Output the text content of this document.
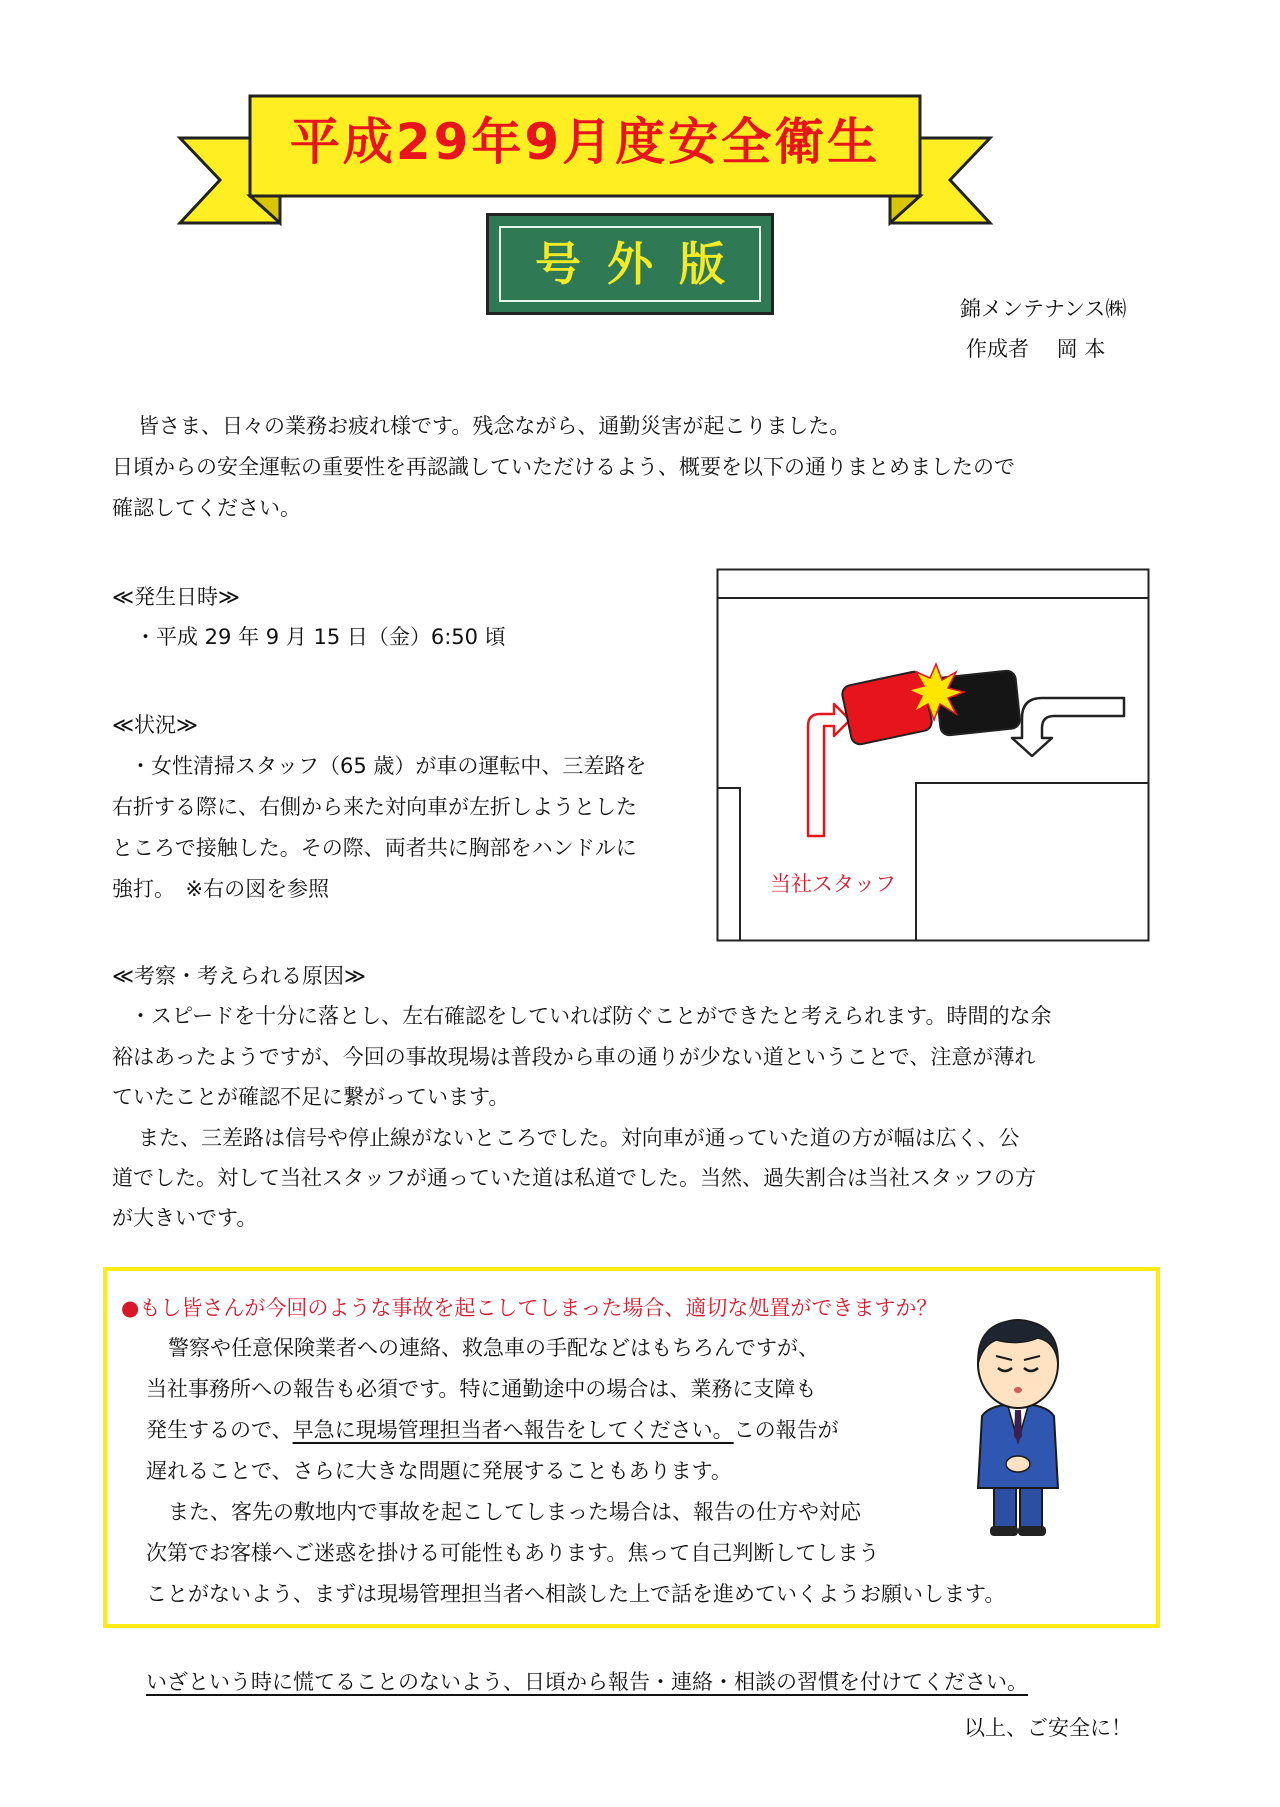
平成29年9月度安全衛生
号外版
錦メンテナンス㈱
作成者　 岡 本

皆さま、日々の業務お疲れ様です。残念ながら、通勤災害が起こりました。

日頃からの安全運転の重要性を再認識していただけるよう、概要を以下の通りまとめましたので

確認してください。

≪発生日時≫

・平成 29 年 9 月 15 日（金）6:50 頃

≪状況≫

・女性清掃スタッフ（65 歳）が車の運転中、三差路を

右折する際に、右側から来た対向車が左折しようとした

ところで接触した。その際、両者共に胸部をハンドルに

強打。　※右の図を参照	当社スタッフ

≪考察・考えられる原因≫

・スピードを十分に落とし、左右確認をしていれば防ぐことができたと考えられます。時間的な余

裕はあったようですが、今回の事故現場は普段から車の通りが少ない道ということで、注意が薄れ

ていたことが確認不足に繋がっています。

また、三差路は信号や停止線がないところでした。対向車が通っていた道の方が幅は広く、公

道でした。対して当社スタッフが通っていた道は私道でした。当然、過失割合は当社スタッフの方

が大きいです。

●もし皆さんが今回のような事故を起こしてしまった場合、適切な処置ができますか？

警察や任意保険業者への連絡、救急車の手配などはもちろんですが、

当社事務所への報告も必須です。特に通勤途中の場合は、業務に支障も

発生するので、早急に現場管理担当者へ報告をしてください。この報告が

遅れることで、さらに大きな問題に発展することもあります。

また、客先の敷地内で事故を起こしてしまった場合は、報告の仕方や対応

次第でお客様へご迷惑を掛ける可能性もあります。焦って自己判断してしまう

ことがないよう、まずは現場管理担当者へ相談した上で話を進めていくようお願いします。

いざという時に慌てることのないよう、日頃から報告・連絡・相談の習慣を付けてください。

以上、ご安全に！
